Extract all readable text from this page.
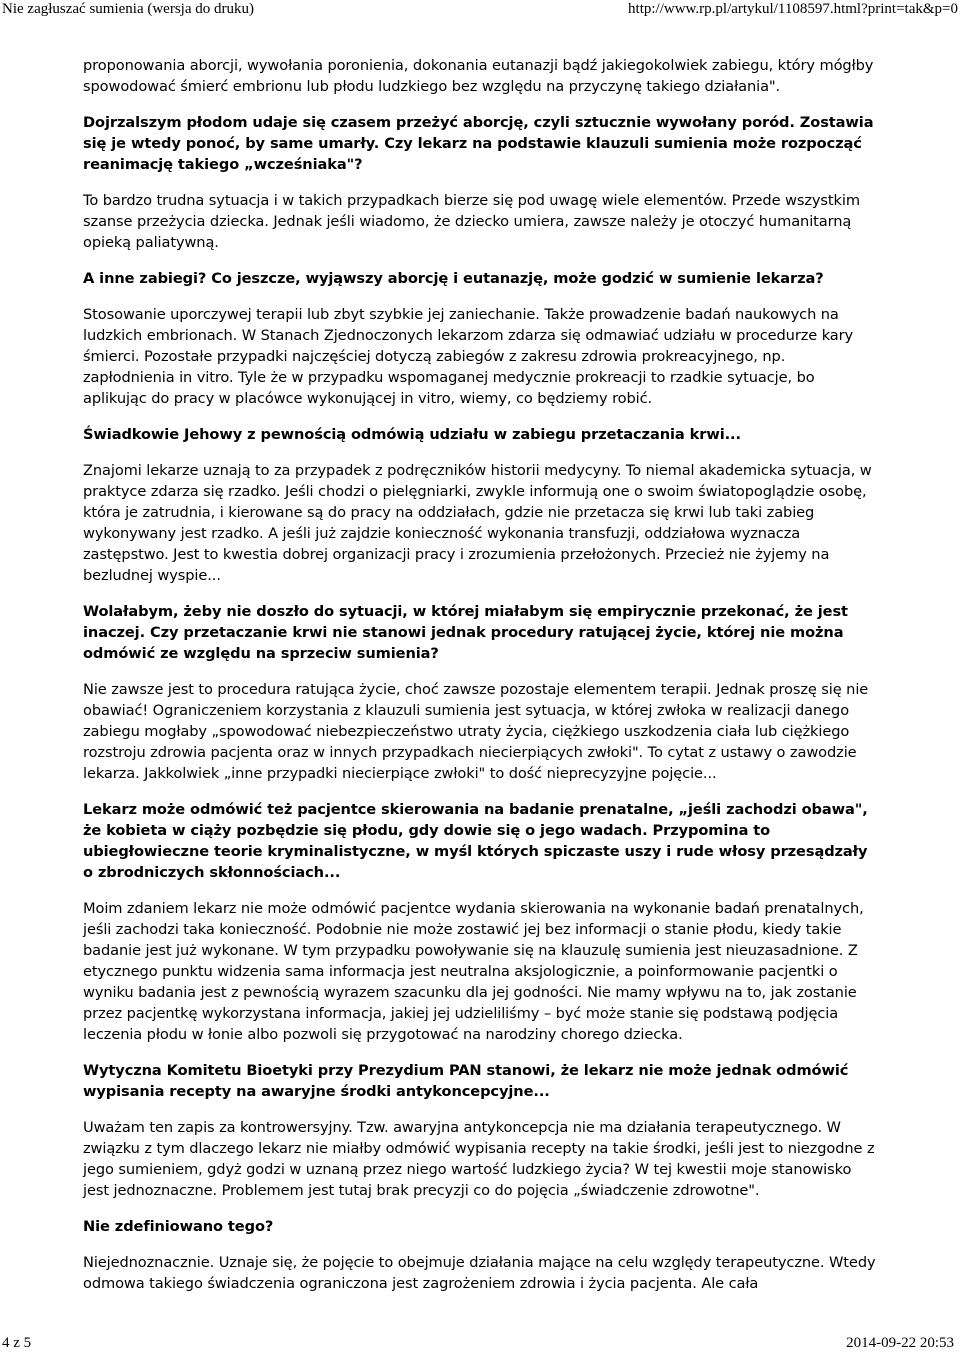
Nie zagłuszać sumienia (wersja do druku)	http://www.rp.pl/artykul/1108597.html?print=tak&p=0

proponowania aborcji, wywołania poronienia, dokonania eutanazji bądź jakiegokolwiek zabiegu, który mógłby spowodować śmierć embrionu lub płodu ludzkiego bez względu na przyczynę takiego działania".

Dojrzalszym płodom udaje się czasem przeżyć aborcję, czyli sztucznie wywołany poród. Zostawia się je wtedy ponoć, by same umarły. Czy lekarz na podstawie klauzuli sumienia może rozpocząć reanimację takiego „wcześniaka"?

To bardzo trudna sytuacja i w takich przypadkach bierze się pod uwagę wiele elementów. Przede wszystkim szanse przeżycia dziecka. Jednak jeśli wiadomo, że dziecko umiera, zawsze należy je otoczyć humanitarną opieką paliatywną.

A inne zabiegi? Co jeszcze, wyjąwszy aborcję i eutanazję, może godzić w sumienie lekarza?

Stosowanie uporczywej terapii lub zbyt szybkie jej zaniechanie. Także prowadzenie badań naukowych na ludzkich embrionach. W Stanach Zjednoczonych lekarzom zdarza się odmawiać udziału w procedurze kary śmierci. Pozostałe przypadki najczęściej dotyczą zabiegów z zakresu zdrowia prokreacyjnego, np. zapłodnienia in vitro. Tyle że w przypadku wspomaganej medycznie prokreacji to rzadkie sytuacje, bo aplikując do pracy w placówce wykonującej in vitro, wiemy, co będziemy robić.

Świadkowie Jehowy z pewnością odmówią udziału w zabiegu przetaczania krwi...

Znajomi lekarze uznają to za przypadek z podręczników historii medycyny. To niemal akademicka sytuacja, w praktyce zdarza się rzadko. Jeśli chodzi o pielęgniarki, zwykle informują one o swoim światopoglądzie osobę, która je zatrudnia, i kierowane są do pracy na oddziałach, gdzie nie przetacza się krwi lub taki zabieg wykonywany jest rzadko. A jeśli już zajdzie konieczność wykonania transfuzji, oddziałowa wyznacza zastępstwo. Jest to kwestia dobrej organizacji pracy i zrozumienia przełożonych. Przecież nie żyjemy na bezludnej wyspie...

Wolałabym, żeby nie doszło do sytuacji, w której miałabym się empirycznie przekonać, że jest inaczej. Czy przetaczanie krwi nie stanowi jednak procedury ratującej życie, której nie można odmówić ze względu na sprzeciw sumienia?

Nie zawsze jest to procedura ratująca życie, choć zawsze pozostaje elementem terapii. Jednak proszę się nie obawiać! Ograniczeniem korzystania z klauzuli sumienia jest sytuacja, w której zwłoka w realizacji danego zabiegu mogłaby „spowodować niebezpieczeństwo utraty życia, ciężkiego uszkodzenia ciała lub ciężkiego rozstroju zdrowia pacjenta oraz w innych przypadkach niecierpiących zwłoki". To cytat z ustawy o zawodzie lekarza. Jakkolwiek „inne przypadki niecierpiące zwłoki" to dość nieprecyzyjne pojęcie...

Lekarz może odmówić też pacjentce skierowania na badanie prenatalne, „jeśli zachodzi obawa", że kobieta w ciąży pozbędzie się płodu, gdy dowie się o jego wadach. Przypomina to ubiegłowieczne teorie kryminalistyczne, w myśl których spiczaste uszy i rude włosy przesądzały o zbrodniczych skłonnościach...

Moim zdaniem lekarz nie może odmówić pacjentce wydania skierowania na wykonanie badań prenatalnych, jeśli zachodzi taka konieczność. Podobnie nie może zostawić jej bez informacji o stanie płodu, kiedy takie badanie jest już wykonane. W tym przypadku powoływanie się na klauzulę sumienia jest nieuzasadnione. Z etycznego punktu widzenia sama informacja jest neutralna aksjologicznie, a poinformowanie pacjentki o wyniku badania jest z pewnością wyrazem szacunku dla jej godności. Nie mamy wpływu na to, jak zostanie przez pacjentkę wykorzystana informacja, jakiej jej udzieliliśmy – być może stanie się podstawą podjęcia leczenia płodu w łonie albo pozwoli się przygotować na narodziny chorego dziecka.

Wytyczna Komitetu Bioetyki przy Prezydium PAN stanowi, że lekarz nie może jednak odmówić wypisania recepty na awaryjne środki antykoncepcyjne...

Uważam ten zapis za kontrowersyjny. Tzw. awaryjna antykoncepcja nie ma działania terapeutycznego. W związku z tym dlaczego lekarz nie miałby odmówić wypisania recepty na takie środki, jeśli jest to niezgodne z jego sumieniem, gdyż godzi w uznaną przez niego wartość ludzkiego życia? W tej kwestii moje stanowisko jest jednoznaczne. Problemem jest tutaj brak precyzji co do pojęcia „świadczenie zdrowotne".

Nie zdefiniowano tego?

Niejednoznacznie. Uznaje się, że pojęcie to obejmuje działania mające na celu względy terapeutyczne. Wtedy odmowa takiego świadczenia ograniczona jest zagrożeniem zdrowia i życia pacjenta. Ale cała

4 z 5	2014-09-22 20:53
